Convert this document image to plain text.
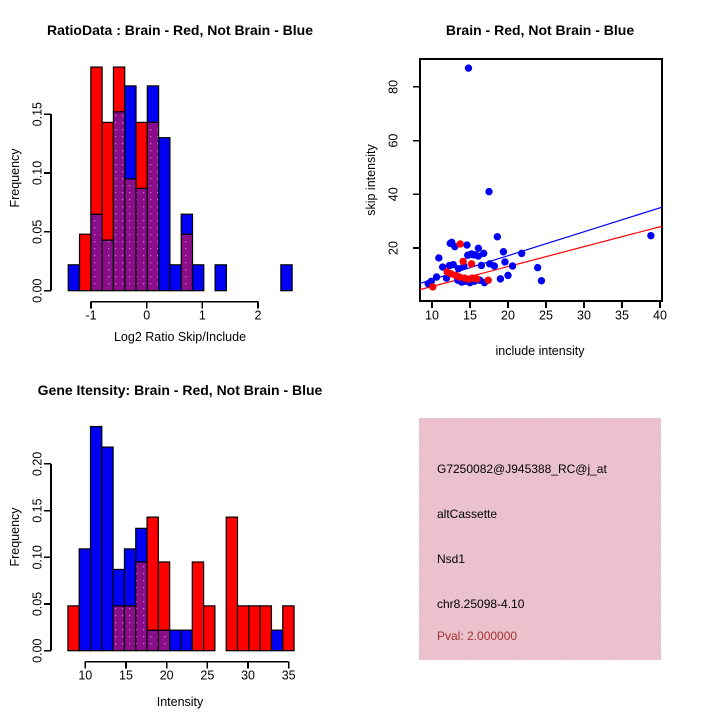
RatioData : Brain - Red, Not Brain - Blue
-1	0	1	2
0.00
0.05
0.10
0.15
Log2 Ratio Skip/Include
Frequency
Brain - Red, Not Brain - Blue
10 15 20 25 30 35 40
20
40
60
80
include intensity
skip intensity
Gene Itensity: Brain - Red, Not Brain - Blue
10 15 20 25 30 35
0.00
0.05
0.10
0.15
0.20
Intensity
Frequency
G7250082@J945388_RC@j_at
altCassette
Nsd1
chr8.25098-4.10
Pval: 2.000000
